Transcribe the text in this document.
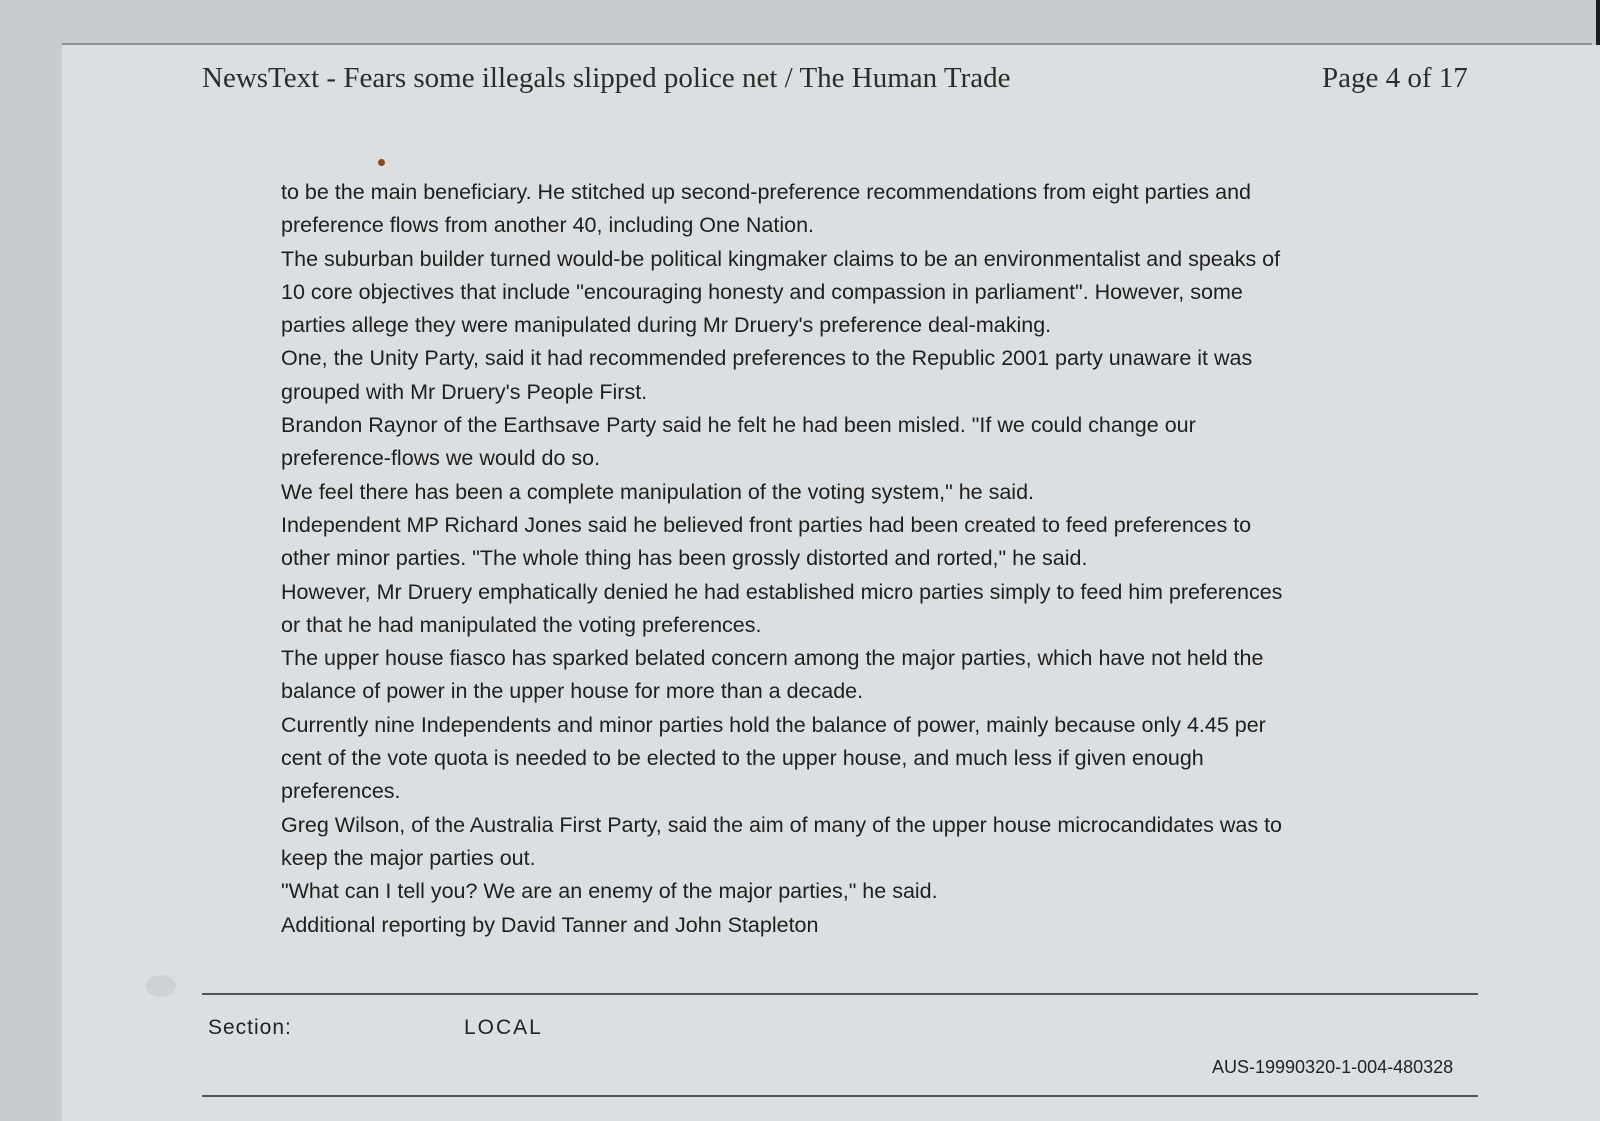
NewsText - Fears some illegals slipped police net / The Human Trade	Page 4 of 17
to be the main beneficiary. He stitched up second-preference recommendations from eight parties and
preference flows from another 40, including One Nation.
The suburban builder turned would-be political kingmaker claims to be an environmentalist and speaks of
10 core objectives that include "encouraging honesty and compassion in parliament". However, some
parties allege they were manipulated during Mr Druery's preference deal-making.
One, the Unity Party, said it had recommended preferences to the Republic 2001 party unaware it was
grouped with Mr Druery's People First.
Brandon Raynor of the Earthsave Party said he felt he had been misled. "If we could change our
preference-flows we would do so.
We feel there has been a complete manipulation of the voting system," he said.
Independent MP Richard Jones said he believed front parties had been created to feed preferences to
other minor parties. "The whole thing has been grossly distorted and rorted," he said.
However, Mr Druery emphatically denied he had established micro parties simply to feed him preferences
or that he had manipulated the voting preferences.
The upper house fiasco has sparked belated concern among the major parties, which have not held the
balance of power in the upper house for more than a decade.
Currently nine Independents and minor parties hold the balance of power, mainly because only 4.45 per
cent of the vote quota is needed to be elected to the upper house, and much less if given enough
preferences.
Greg Wilson, of the Australia First Party, said the aim of many of the upper house microcandidates was to
keep the major parties out.
"What can I tell you? We are an enemy of the major parties," he said.
Additional reporting by David Tanner and John Stapleton
Section:	LOCAL
AUS-19990320-1-004-480328
